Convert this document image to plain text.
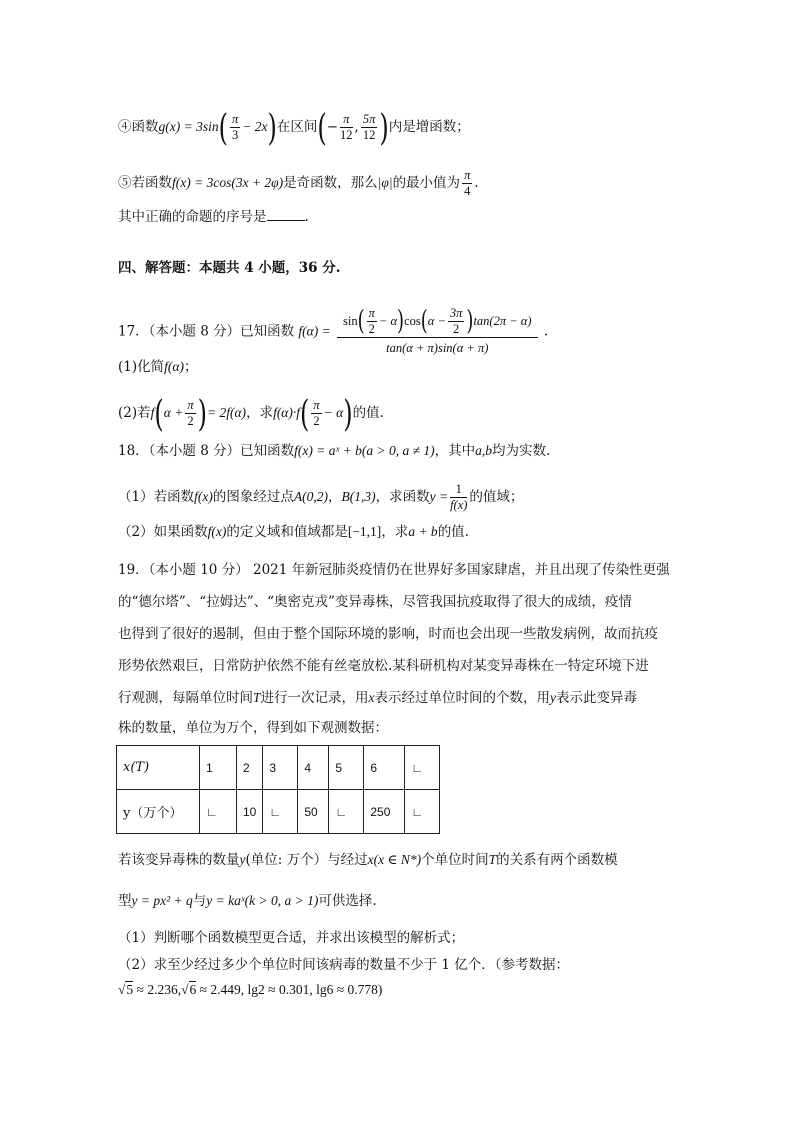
④函数$g(x) = 3\sin( \frac{\pi}{3} - 2x)$在区间(− $\frac{\pi}{12}$ , $\frac{5\pi}{12}$ )内是增函数；
⑤若函数f(x) = 3cos(3x + 2φ)是奇函数，那么|φ|的最小值为 $\frac{\pi}{4}$ .
其中正确的命题的序号是	.
四、解答题：本题共 4 小题，36 分.
17．（本小题 8 分）已知函数 $f(\alpha) = \frac{\sin( \frac{\pi}{2} - \alpha)\cos(\alpha - \frac{3\pi}{2} )\tan(2\pi - \alpha)}{\tan(\alpha + \pi)\sin(\alpha + \pi)}$ .
(1)化简f(α)；
(2)若$f(\alpha + \frac{\pi}{2}$ )= 2f(α)，求$f(\alpha)\cdot f( \frac{\pi}{2} - \alpha)$的值.
18．（本小题 8 分）已知函数f(x) = aˣ + b(a > 0, a ≠ 1)，其中a,b均为实数.
（1）若函数f(x)的图象经过点A(0,2)，B(1,3)，求函数$y = \frac{1}{f(x)}$ 的值域；
（2）如果函数f(x)的定义域和值域都是[−1,1]，求a + b的值.
19．（本小题 10 分） 2021 年新冠肺炎疫情仍在世界好多国家肆虐，并且出现了传染性更强
的“德尔塔”、“拉姆达”、“奥密克戎”变异毒株，尽管我国抗疫取得了很大的成绩，疫情
也得到了很好的遏制，但由于整个国际环境的影响，时而也会出现一些散发病例，故而抗疫
形势依然艰巨，日常防护依然不能有丝毫放松.某科研机构对某变异毒株在一特定环境下进
行观测，每隔单位时间T进行一次记录，用x表示经过单位时间的个数，用y表示此变异毒
株的数量，单位为万个，得到如下观测数据：
x(T)	1	2	3	4	5	6	∟
y（万个）	∟	10	∟	50	∟	250	∟
若该变异毒株的数量y(单位: 万个）与经过x(x ∈ N*)个单位时间T的关系有两个函数模
型y = px² + q与y = kaˣ(k > 0, a > 1)可供选择.
（1）判断哪个函数模型更合适，并求出该模型的解析式；
（2）求至少经过多少个单位时间该病毒的数量不少于 1 亿个．（参考数据：
√5 ≈ 2.236,√6 ≈ 2.449, lg2 ≈ 0.301, lg6 ≈ 0.778)
